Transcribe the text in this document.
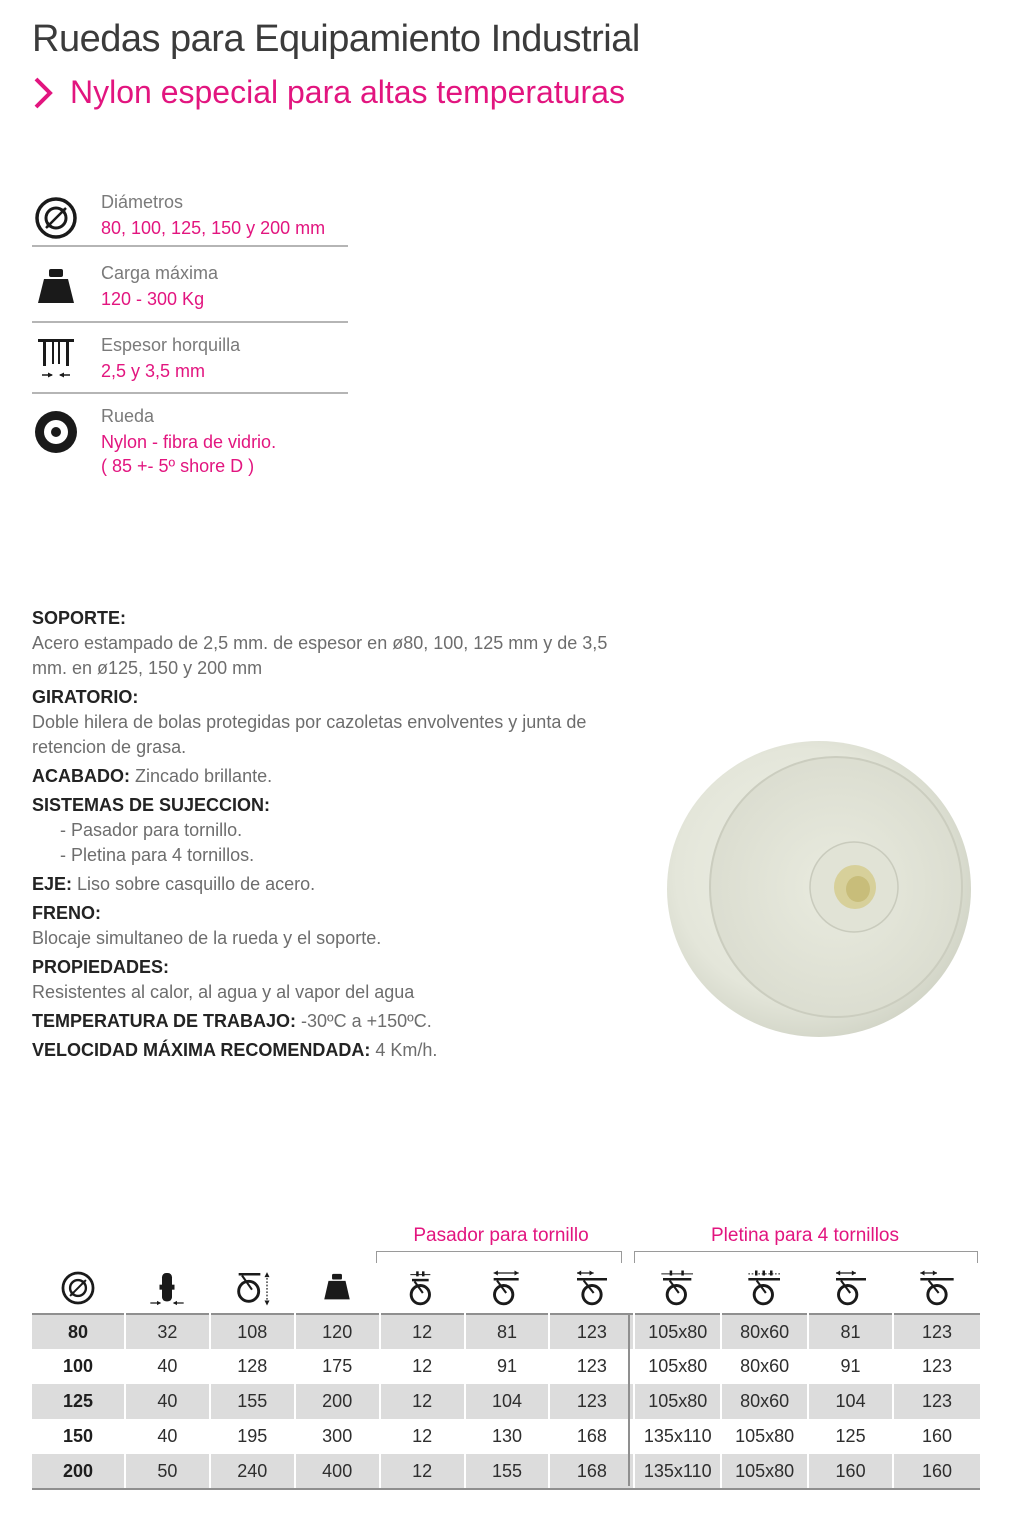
Ruedas para Equipamiento Industrial
Nylon especial para altas temperaturas
Diámetros
80, 100, 125, 150 y 200 mm
Carga máxima
120 - 300 Kg
Espesor horquilla
2,5 y 3,5 mm
Rueda
Nylon - fibra de vidrio.
( 85 +- 5º shore D )
SOPORTE:
Acero estampado de 2,5 mm. de espesor en ø80, 100, 125 mm y de 3,5 mm. en ø125, 150 y 200 mm
GIRATORIO:
Doble hilera de bolas protegidas por cazoletas envolventes y junta de retencion de grasa.
ACABADO: Zincado brillante.
SISTEMAS DE SUJECCION:
- Pasador para tornillo.
- Pletina para 4 tornillos.
EJE: Liso sobre casquillo de acero.
FRENO:
Blocaje simultaneo de la rueda y el soporte.
PROPIEDADES:
Resistentes al calor, al agua y al vapor del agua
TEMPERATURA DE TRABAJO: -30ºC a +150ºC.
VELOCIDAD MÁXIMA RECOMENDADA: 4 Km/h.
Pasador para tornillo	Pletina para 4 tornillos

80	32	108	120	12	81	123	105x80	80x60	81	123
100	40	128	175	12	91	123	105x80	80x60	91	123
125	40	155	200	12	104	123	105x80	80x60	104	123
150	40	195	300	12	130	168	135x110	105x80	125	160
200	50	240	400	12	155	168	135x110	105x80	160	160
